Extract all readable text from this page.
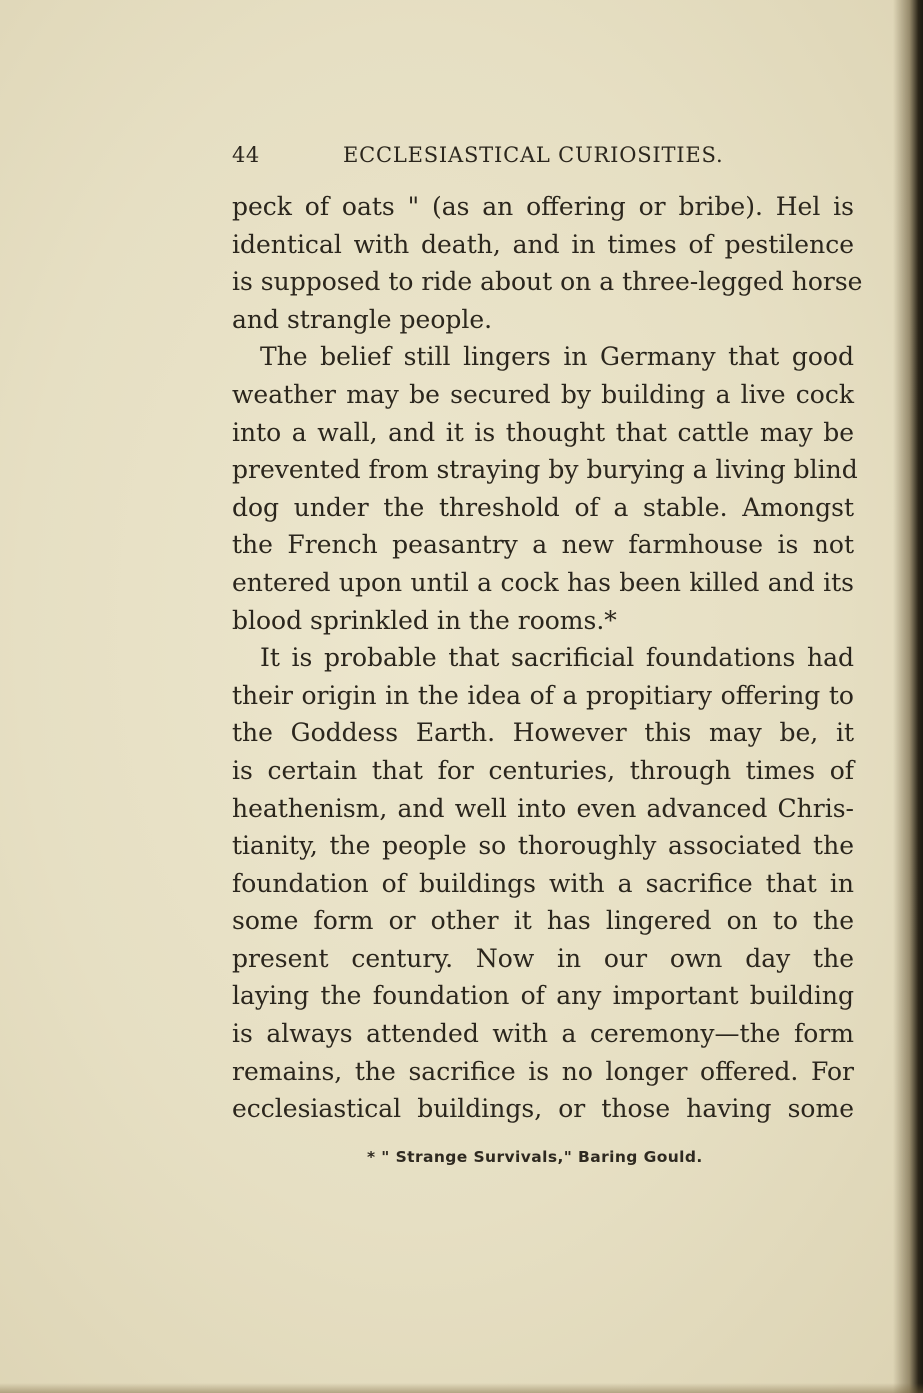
44	ECCLESIASTICAL CURIOSITIES.
peck of oats " (as an offering or bribe). Hel is
identical with death, and in times of pestilence
is supposed to ride about on a three-legged horse
and strangle people.
The belief still lingers in Germany that good
weather may be secured by building a live cock
into a wall, and it is thought that cattle may be
prevented from straying by burying a living blind
dog under the threshold of a stable. Amongst
the French peasantry a new farmhouse is not
entered upon until a cock has been killed and its
blood sprinkled in the rooms.*
It is probable that sacrificial foundations had
their origin in the idea of a propitiary offering to
the Goddess Earth. However this may be, it
is certain that for centuries, through times of
heathenism, and well into even advanced Chris-
tianity, the people so thoroughly associated the
foundation of buildings with a sacrifice that in
some form or other it has lingered on to the
present century. Now in our own day the
laying the foundation of any important building
is always attended with a ceremony—the form
remains, the sacrifice is no longer offered. For
ecclesiastical buildings, or those having some
* " Strange Survivals," Baring Gould.
